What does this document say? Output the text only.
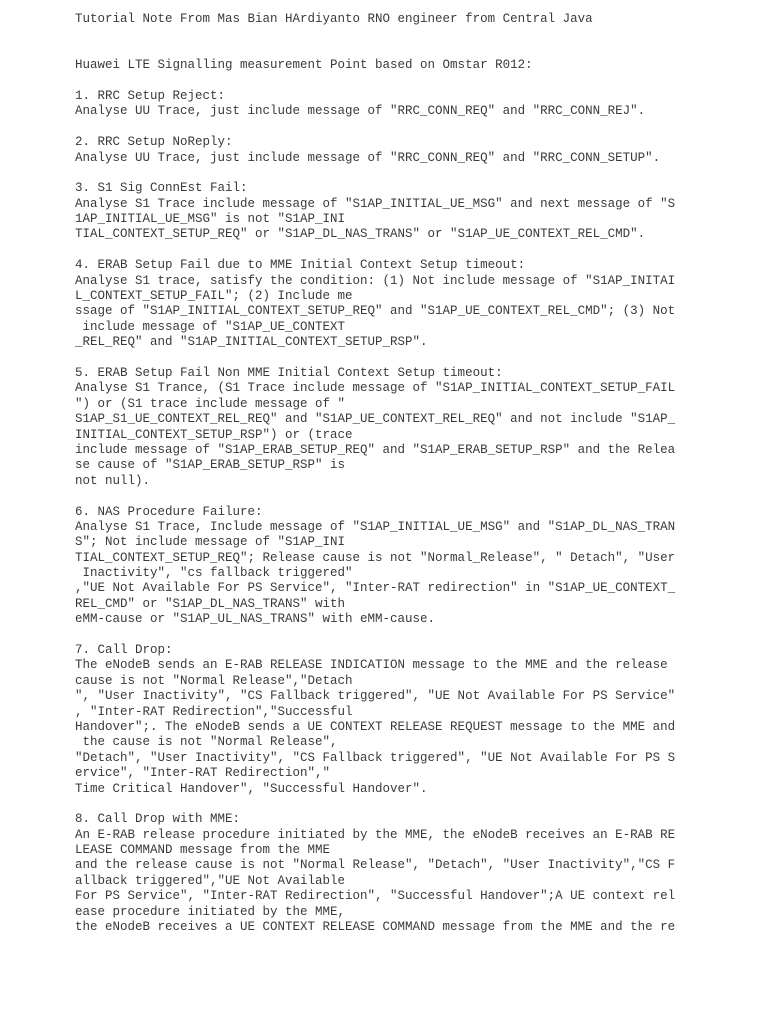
Tutorial Note From Mas Bian HArdiyanto RNO engineer from Central Java
Huawei LTE Signalling measurement Point based on Omstar R012:
1. RRC Setup Reject:
Analyse UU Trace, just include message of "RRC_CONN_REQ" and "RRC_CONN_REJ".
2. RRC Setup NoReply:
Analyse UU Trace, just include message of "RRC_CONN_REQ" and "RRC_CONN_SETUP".
3. S1 Sig ConnEst Fail:
Analyse S1 Trace include message of "S1AP_INITIAL_UE_MSG" and next message of "S
1AP_INITIAL_UE_MSG" is not "S1AP_INI
TIAL_CONTEXT_SETUP_REQ" or "S1AP_DL_NAS_TRANS" or "S1AP_UE_CONTEXT_REL_CMD".
4. ERAB Setup Fail due to MME Initial Context Setup timeout:
Analyse S1 trace, satisfy the condition: (1) Not include message of "S1AP_INITAI
L_CONTEXT_SETUP_FAIL"; (2) Include me
ssage of "S1AP_INITIAL_CONTEXT_SETUP_REQ" and "S1AP_UE_CONTEXT_REL_CMD"; (3) Not
include message of "S1AP_UE_CONTEXT
_REL_REQ" and "S1AP_INITIAL_CONTEXT_SETUP_RSP".
5. ERAB Setup Fail Non MME Initial Context Setup timeout:
Analyse S1 Trance, (S1 Trace include message of "S1AP_INITIAL_CONTEXT_SETUP_FAIL
") or (S1 trace include message of "
S1AP_S1_UE_CONTEXT_REL_REQ" and "S1AP_UE_CONTEXT_REL_REQ" and not include "S1AP_
INITIAL_CONTEXT_SETUP_RSP") or (trace
include message of "S1AP_ERAB_SETUP_REQ" and "S1AP_ERAB_SETUP_RSP" and the Relea
se cause of "S1AP_ERAB_SETUP_RSP" is
not null).
6. NAS Procedure Failure:
Analyse S1 Trace, Include message of "S1AP_INITIAL_UE_MSG" and "S1AP_DL_NAS_TRAN
S"; Not include message of "S1AP_INI
TIAL_CONTEXT_SETUP_REQ"; Release cause is not "Normal_Release", " Detach", "User
Inactivity", "cs fallback triggered"
,"UE Not Available For PS Service", "Inter-RAT redirection" in "S1AP_UE_CONTEXT_
REL_CMD" or "S1AP_DL_NAS_TRANS" with
eMM-cause or "S1AP_UL_NAS_TRANS" with eMM-cause.
7. Call Drop:
The eNodeB sends an E-RAB RELEASE INDICATION message to the MME and the release
cause is not "Normal Release","Detach
", "User Inactivity", "CS Fallback triggered", "UE Not Available For PS Service"
, "Inter-RAT Redirection","Successful
Handover";. The eNodeB sends a UE CONTEXT RELEASE REQUEST message to the MME and
the cause is not "Normal Release",
"Detach", "User Inactivity", "CS Fallback triggered", "UE Not Available For PS S
ervice", "Inter-RAT Redirection","
Time Critical Handover", "Successful Handover".
8. Call Drop with MME:
An E-RAB release procedure initiated by the MME, the eNodeB receives an E-RAB RE
LEASE COMMAND message from the MME
and the release cause is not "Normal Release", "Detach", "User Inactivity","CS F
allback triggered","UE Not Available
For PS Service", "Inter-RAT Redirection", "Successful Handover";A UE context rel
ease procedure initiated by the MME,
the eNodeB receives a UE CONTEXT RELEASE COMMAND message from the MME and the re
